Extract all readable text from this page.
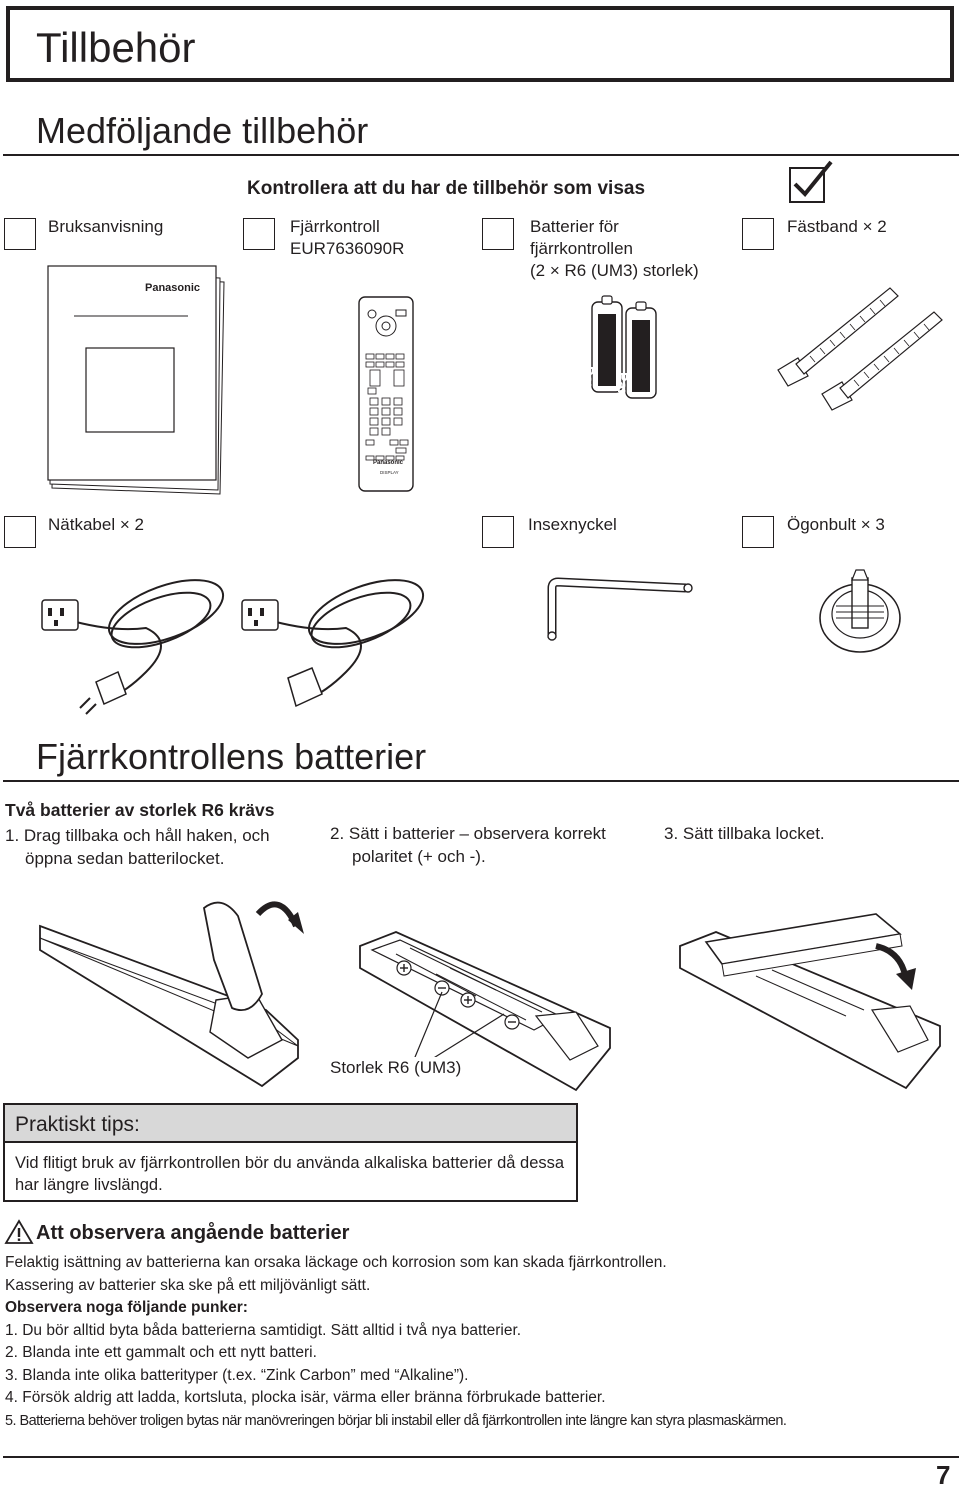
Tillbehör
Medföljande tillbehör
Kontrollera att du har de tillbehör som visas
Bruksanvisning	Fjärrkontroll
EUR7636090R
Batterier för
fjärrkontrollen
(2 × R6 (UM3) storlek)
Fästband × 2
Panasonic
Panasonic
DISPLAY
Panasonic Panasonic
Nätkabel × 2	Insexnyckel	Ögonbult × 3
Fjärrkontrollens batterier
Två batterier av storlek R6 krävs
1. Drag tillbaka och håll haken, och
öppna sedan batterilocket.
2. Sätt i batterier – observera korrekt
polaritet (+ och -).
3. Sätt tillbaka locket.
Storlek R6 (UM3)
Praktiskt tips:
Vid flitigt bruk av fjärrkontrollen bör du använda alkaliska batterier då dessa har längre livslängd.
Att observera angående batterier
Felaktig isättning av batterierna kan orsaka läckage och korrosion som kan skada fjärrkontrollen.
Kassering av batterier ska ske på ett miljövänligt sätt.
Observera noga följande punker:
1. Du bör alltid byta båda batterierna samtidigt. Sätt alltid i två nya batterier.
2. Blanda inte ett gammalt och ett nytt batteri.
3. Blanda inte olika batterityper (t.ex. “Zink Carbon” med “Alkaline”).
4. Försök aldrig att ladda, kortsluta, plocka isär, värma eller bränna förbrukade batterier.
5. Batterierna behöver troligen bytas när manövreringen börjar bli instabil eller då fjärrkontrollen inte längre kan styra plasmaskärmen.
7
